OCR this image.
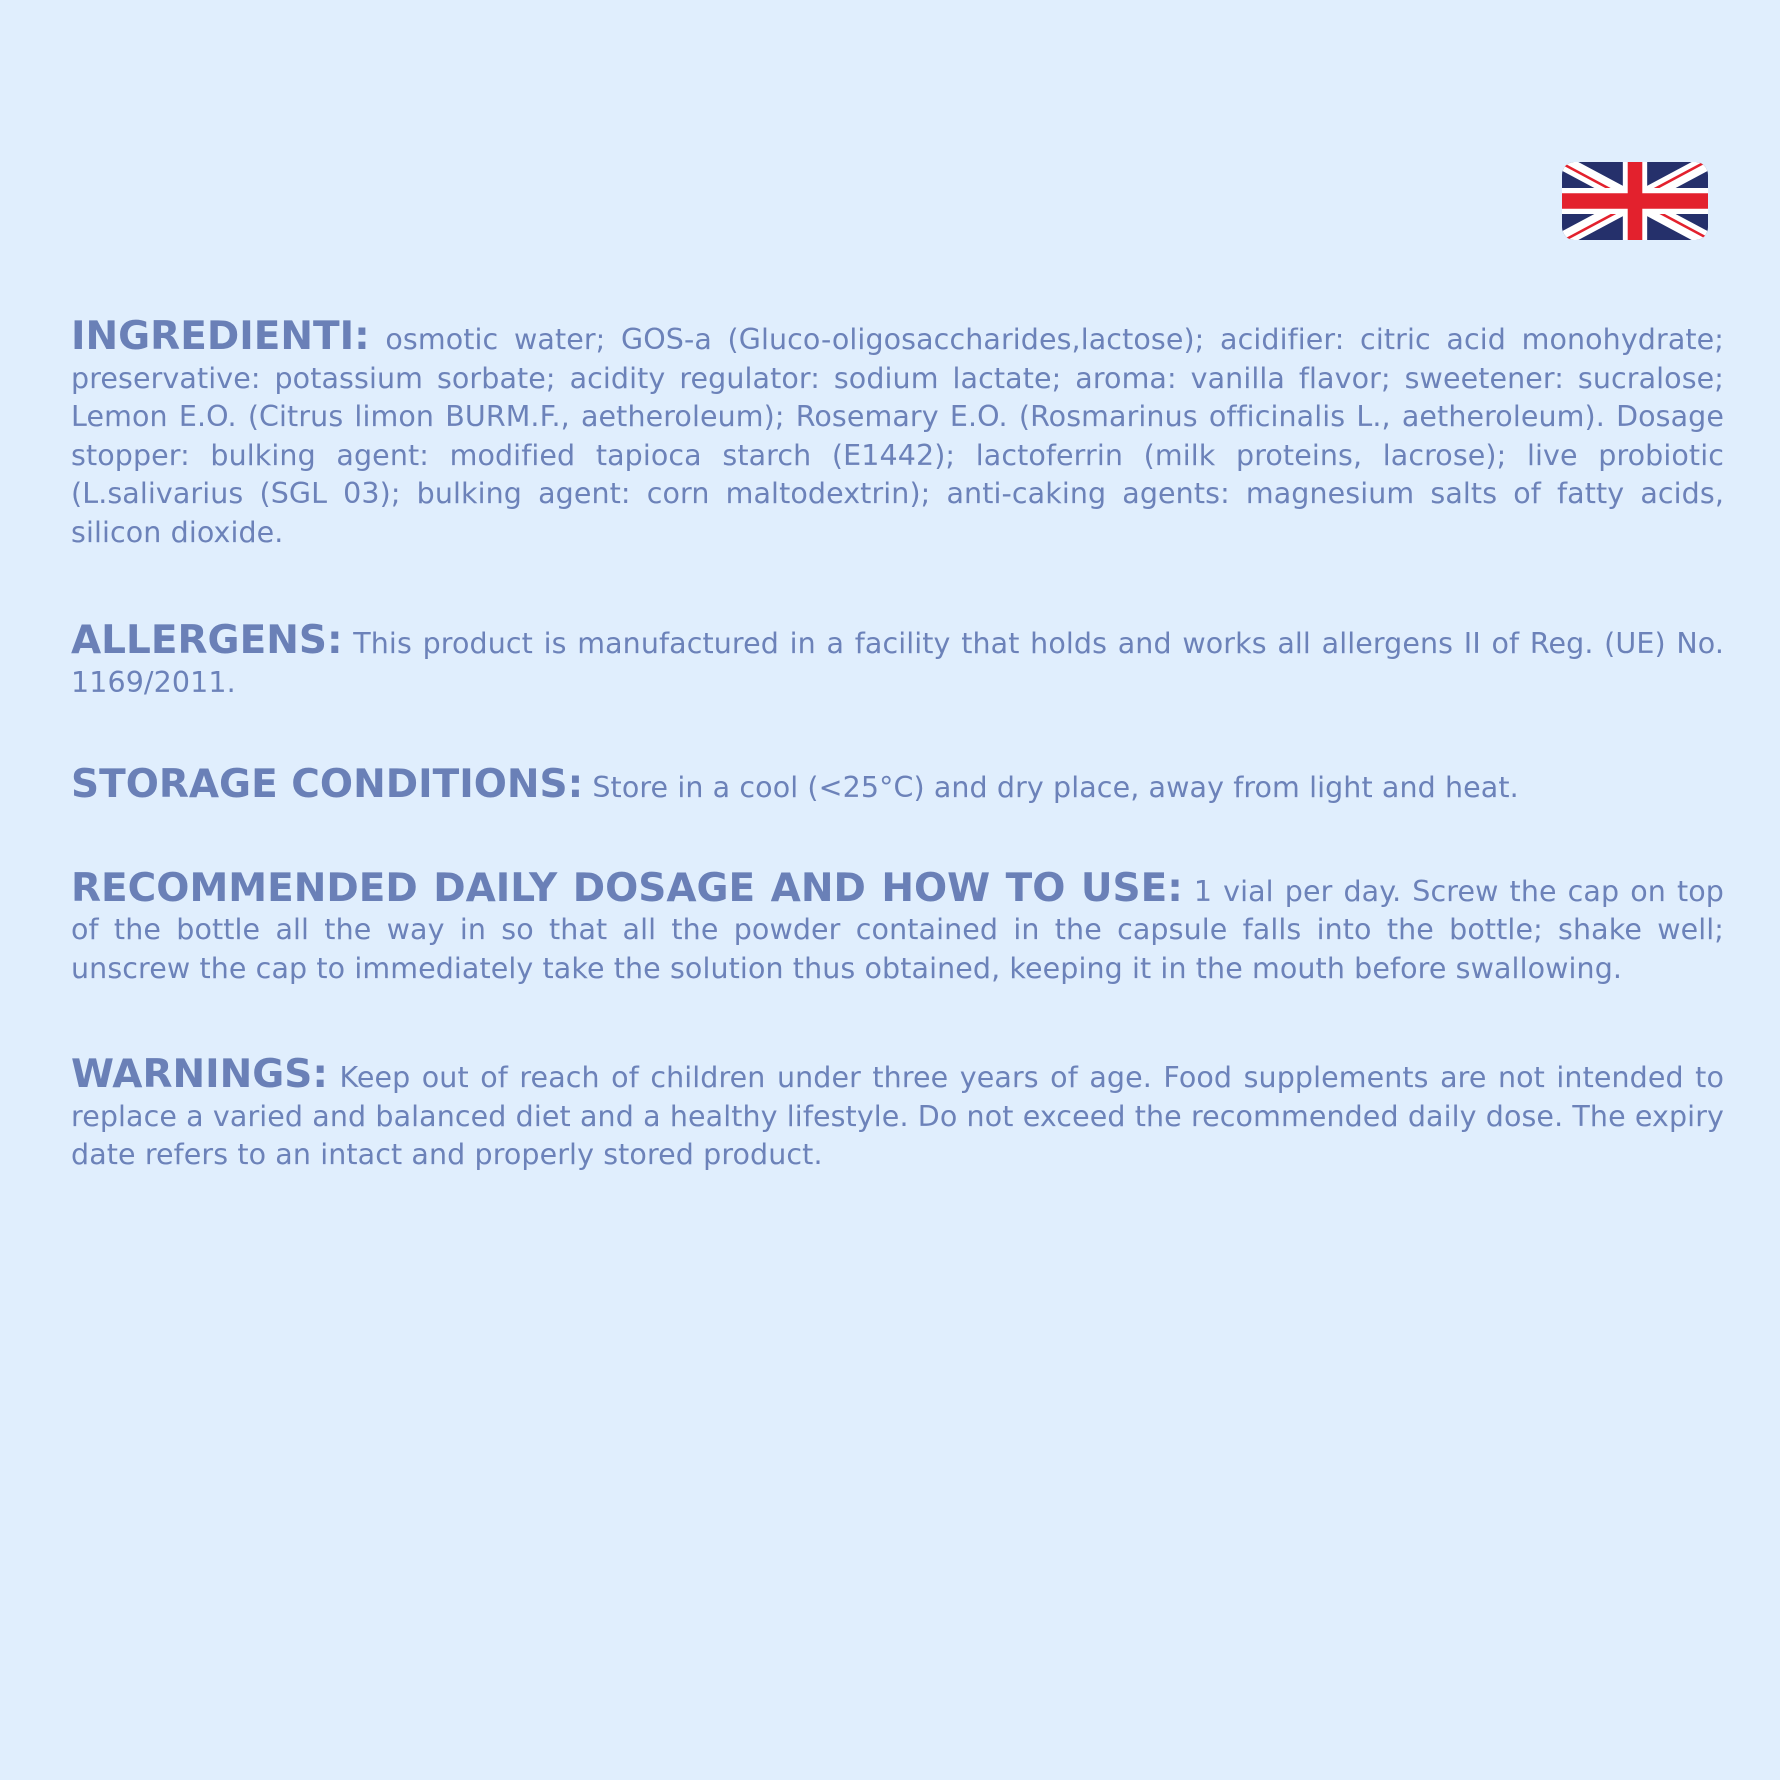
INGREDIENTI: osmotic water; GOS-a (Gluco-oligosaccharides,lactose); acidifier: citric acid monohydrate; preservative: potassium sorbate; acidity regulator: sodium lactate; aroma: vanilla flavor; sweetener: sucralose; Lemon E.O. (Citrus limon BURM.F., aetheroleum); Rosemary E.O. (Rosmarinus officinalis L., aetheroleum). Dosage stopper: bulking agent: modified tapioca starch (E1442); lactoferrin (milk proteins, lacrose); live probiotic (L.salivarius (SGL 03); bulking agent: corn maltodextrin); anti-caking agents: magnesium salts of fatty acids, silicon dioxide.

ALLERGENS: This product is manufactured in a facility that holds and works all allergens II of Reg. (UE) No. 1169/2011.

STORAGE CONDITIONS: Store in a cool (<25°C) and dry place, away from light and heat.

RECOMMENDED DAILY DOSAGE AND HOW TO USE: 1 vial per day. Screw the cap on top of the bottle all the way in so that all the powder contained in the capsule falls into the bottle; shake well; unscrew the cap to immediately take the solution thus obtained, keeping it in the mouth before swallowing.

WARNINGS: Keep out of reach of children under three years of age. Food supplements are not intended to replace a varied and balanced diet and a healthy lifestyle. Do not exceed the recommended daily dose. The expiry date refers to an intact and properly stored product.
